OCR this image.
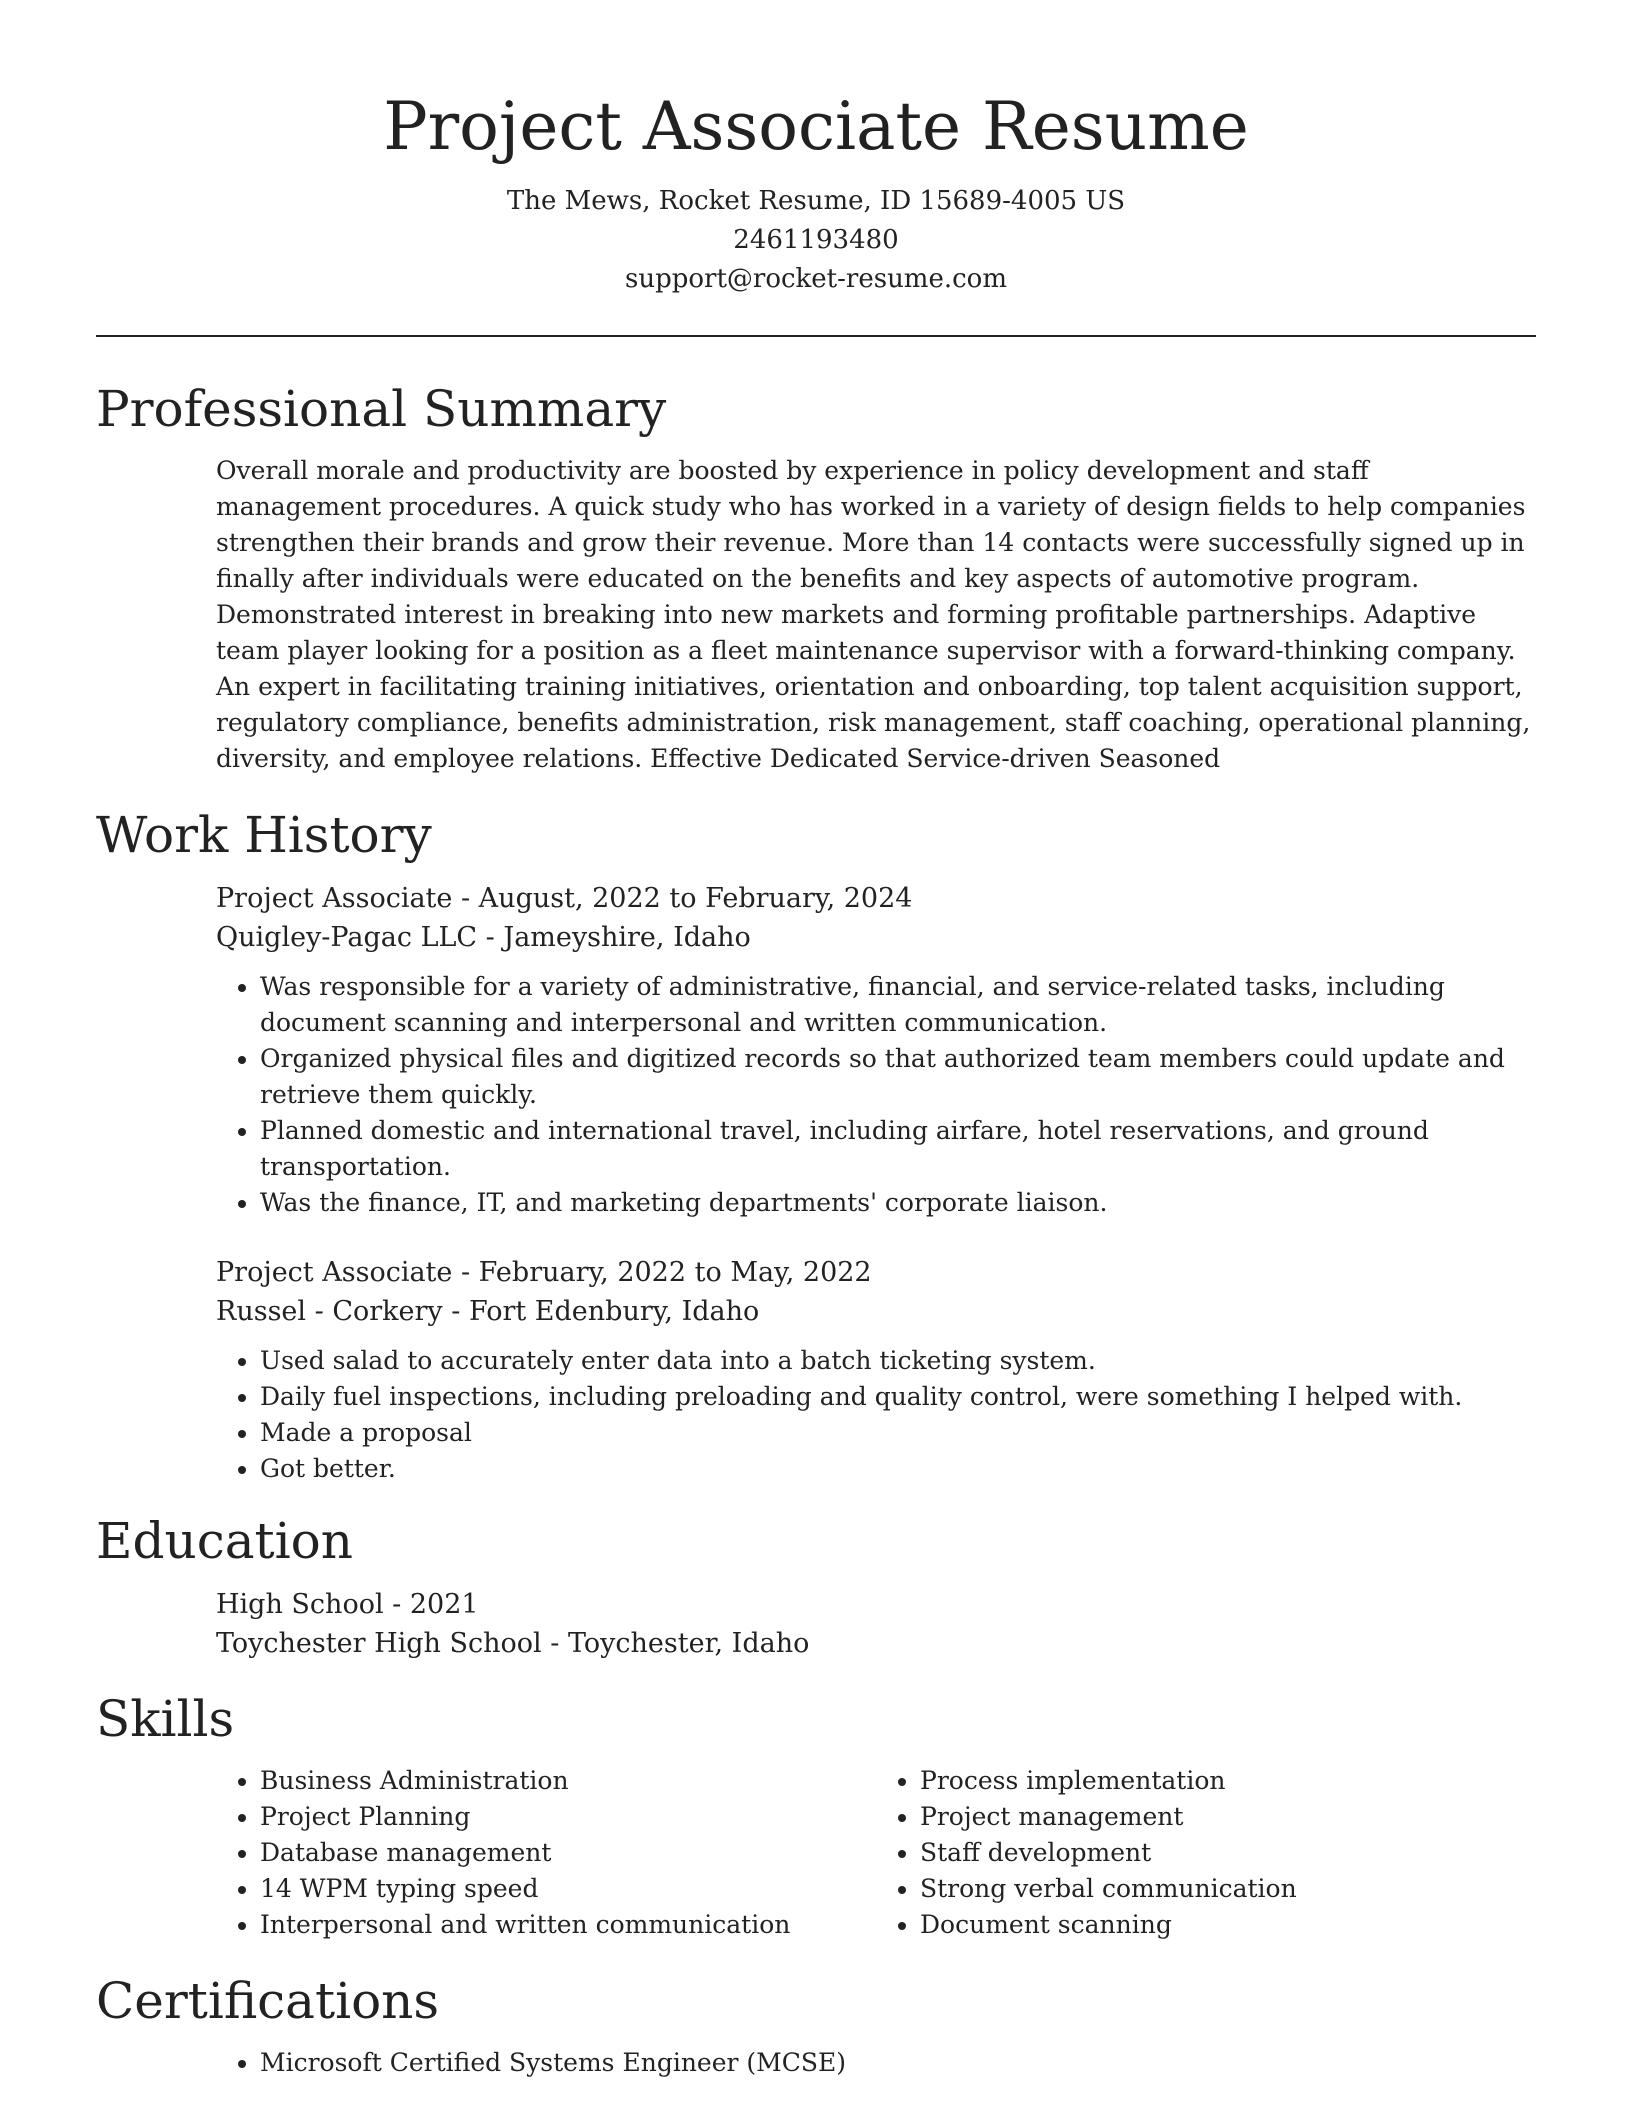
Project Associate Resume

The Mews, Rocket Resume, ID 15689-4005 US

2461193480

support@rocket-resume.com

Professional Summary

Overall morale and productivity are boosted by experience in policy development and staff management procedures. A quick study who has worked in a variety of design fields to help companies strengthen their brands and grow their revenue. More than 14 contacts were successfully signed up in finally after individuals were educated on the benefits and key aspects of automotive program. Demonstrated interest in breaking into new markets and forming profitable partnerships. Adaptive team player looking for a position as a fleet maintenance supervisor with a forward-thinking company. An expert in facilitating training initiatives, orientation and onboarding, top talent acquisition support, regulatory compliance, benefits administration, risk management, staff coaching, operational planning, diversity, and employee relations. Effective Dedicated Service-driven Seasoned

Work History

Project Associate - August, 2022 to February, 2024

Quigley-Pagac LLC - Jameyshire, Idaho

• Was responsible for a variety of administrative, financial, and service-related tasks, including document scanning and interpersonal and written communication.
• Organized physical files and digitized records so that authorized team members could update and retrieve them quickly.
• Planned domestic and international travel, including airfare, hotel reservations, and ground transportation.
• Was the finance, IT, and marketing departments' corporate liaison.

Project Associate - February, 2022 to May, 2022

Russel - Corkery - Fort Edenbury, Idaho

• Used salad to accurately enter data into a batch ticketing system.
• Daily fuel inspections, including preloading and quality control, were something I helped with.
• Made a proposal
• Got better.
Education

High School - 2021

Toychester High School - Toychester, Idaho

Skills
• Business Administration
• Project Planning
• Database management
• 14 WPM typing speed
• Interpersonal and written communication
• Process implementation
• Project management
• Staff development
• Strong verbal communication
• Document scanning
Certifications
• Microsoft Certified Systems Engineer (MCSE)
